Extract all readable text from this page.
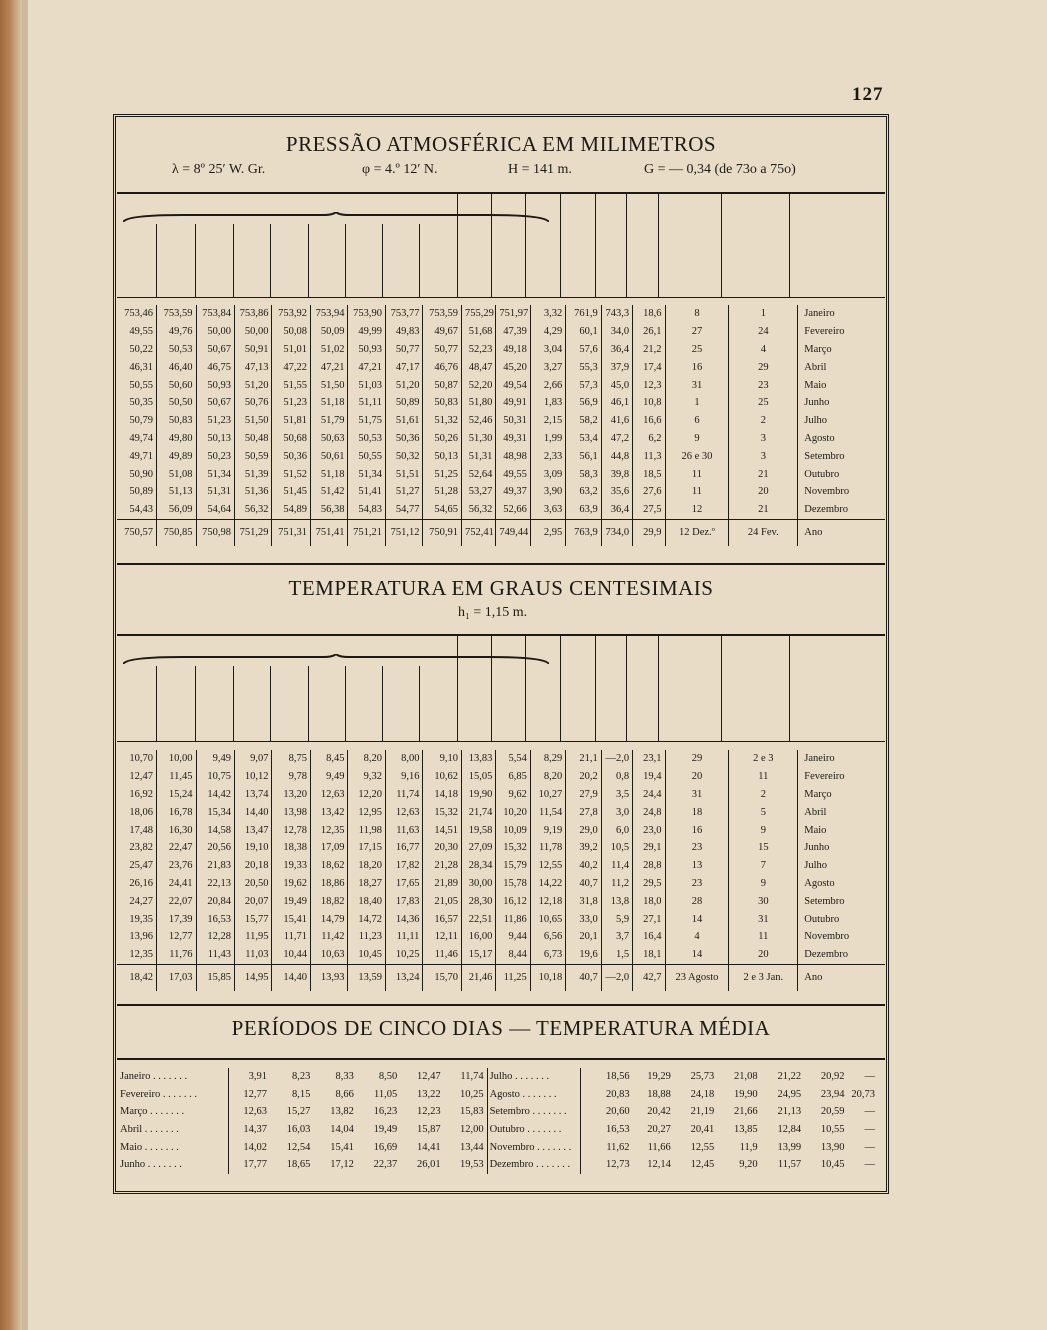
127
PRESSÃO ATMOSFÉRICA EM MILIMETROS
λ = 8º 25′ W. Gr.	φ = 4.º 12′ N.	H = 141 m.	G = — 0,34 (de 73o a 75o)
753,46	753,59	753,84	753,86	753,92	753,94	753,90	753,77	753,59	755,29	751,97	3,32	761,9	743,3	18,6	8	1	Janeiro
49,55	49,76	50,00	50,00	50,08	50,09	49,99	49,83	49,67	51,68	47,39	4,29	60,1	34,0	26,1	27	24	Fevereiro
50,22	50,53	50,67	50,91	51,01	51,02	50,93	50,77	50,77	52,23	49,18	3,04	57,6	36,4	21,2	25	4	Março
46,31	46,40	46,75	47,13	47,22	47,21	47,21	47,17	46,76	48,47	45,20	3,27	55,3	37,9	17,4	16	29	Abril
50,55	50,60	50,93	51,20	51,55	51,50	51,03	51,20	50,87	52,20	49,54	2,66	57,3	45,0	12,3	31	23	Maio
50,35	50,50	50,67	50,76	51,23	51,18	51,11	50,89	50,83	51,80	49,91	1,83	56,9	46,1	10,8	1	25	Junho
50,79	50,83	51,23	51,50	51,81	51,79	51,75	51,61	51,32	52,46	50,31	2,15	58,2	41,6	16,6	6	2	Julho
49,74	49,80	50,13	50,48	50,68	50,63	50,53	50,36	50,26	51,30	49,31	1,99	53,4	47,2	6,2	9	3	Agosto
49,71	49,89	50,23	50,59	50,36	50,61	50,55	50,32	50,13	51,31	48,98	2,33	56,1	44,8	11,3	26 e 30	3	Setembro
50,90	51,08	51,34	51,39	51,52	51,18	51,34	51,51	51,25	52,64	49,55	3,09	58,3	39,8	18,5	11	21	Outubro
50,89	51,13	51,31	51,36	51,45	51,42	51,41	51,27	51,28	53,27	49,37	3,90	63,2	35,6	27,6	11	20	Novembro
54,43	56,09	54,64	56,32	54,89	56,38	54,83	54,77	54,65	56,32	52,66	3,63	63,9	36,4	27,5	12	21	Dezembro
750,57	750,85	750,98	751,29	751,31	751,41	751,21	751,12	750,91	752,41	749,44	2,95	763,9	734,0	29,9	12 Dez.º	24 Fev.	Ano
TEMPERATURA EM GRAUS CENTESIMAIS
h₁ = 1,15 m.
10,70	10,00	9,49	9,07	8,75	8,45	8,20	8,00	9,10	13,83	5,54	8,29	21,1	—2,0	23,1	29	2 e 3	Janeiro
12,47	11,45	10,75	10,12	9,78	9,49	9,32	9,16	10,62	15,05	6,85	8,20	20,2	0,8	19,4	20	11	Fevereiro
16,92	15,24	14,42	13,74	13,20	12,63	12,20	11,74	14,18	19,90	9,62	10,27	27,9	3,5	24,4	31	2	Março
18,06	16,78	15,34	14,40	13,98	13,42	12,95	12,63	15,32	21,74	10,20	11,54	27,8	3,0	24,8	18	5	Abril
17,48	16,30	14,58	13,47	12,78	12,35	11,98	11,63	14,51	19,58	10,09	9,19	29,0	6,0	23,0	16	9	Maio
23,82	22,47	20,56	19,10	18,38	17,09	17,15	16,77	20,30	27,09	15,32	11,78	39,2	10,5	29,1	23	15	Junho
25,47	23,76	21,83	20,18	19,33	18,62	18,20	17,82	21,28	28,34	15,79	12,55	40,2	11,4	28,8	13	7	Julho
26,16	24,41	22,13	20,50	19,62	18,86	18,27	17,65	21,89	30,00	15,78	14,22	40,7	11,2	29,5	23	9	Agosto
24,27	22,07	20,84	20,07	19,49	18,82	18,40	17,83	21,05	28,30	16,12	12,18	31,8	13,8	18,0	28	30	Setembro
19,35	17,39	16,53	15,77	15,41	14,79	14,72	14,36	16,57	22,51	11,86	10,65	33,0	5,9	27,1	14	31	Outubro
13,96	12,77	12,28	11,95	11,71	11,42	11,23	11,11	12,11	16,00	9,44	6,56	20,1	3,7	16,4	4	11	Novembro
12,35	11,76	11,43	11,03	10,44	10,63	10,45	10,25	11,46	15,17	8,44	6,73	19,6	1,5	18,1	14	20	Dezembro
18,42	17,03	15,85	14,95	14,40	13,93	13,59	13,24	15,70	21,46	11,25	10,18	40,7	—2,0	42,7	23 Agosto	2 e 3 Jan.	Ano
PERÍODOS DE CINCO DIAS — TEMPERATURA MÉDIA
Janeiro . . . . . . .	3,91	8,23	8,33	8,50	12,47	11,74	Julho . . . . . . .	18,56	19,29	25,73	21,08	21,22	20,92	—
Fevereiro . . . . . . .	12,77	8,15	8,66	11,05	13,22	10,25	Agosto . . . . . . .	20,83	18,88	24,18	19,90	24,95	23,94	20,73
Março . . . . . . .	12,63	15,27	13,82	16,23	12,23	15,83	Setembro . . . . . . .	20,60	20,42	21,19	21,66	21,13	20,59	—
Abril . . . . . . .	14,37	16,03	14,04	19,49	15,87	12,00	Outubro . . . . . . .	16,53	20,27	20,41	13,85	12,84	10,55	—
Maio . . . . . . .	14,02	12,54	15,41	16,69	14,41	13,44	Novembro . . . . . . .	11,62	11,66	12,55	11,9	13,99	13,90	—
Junho . . . . . . .	17,77	18,65	17,12	22,37	26,01	19,53	Dezembro . . . . . . .	12,73	12,14	12,45	9,20	11,57	10,45	—
